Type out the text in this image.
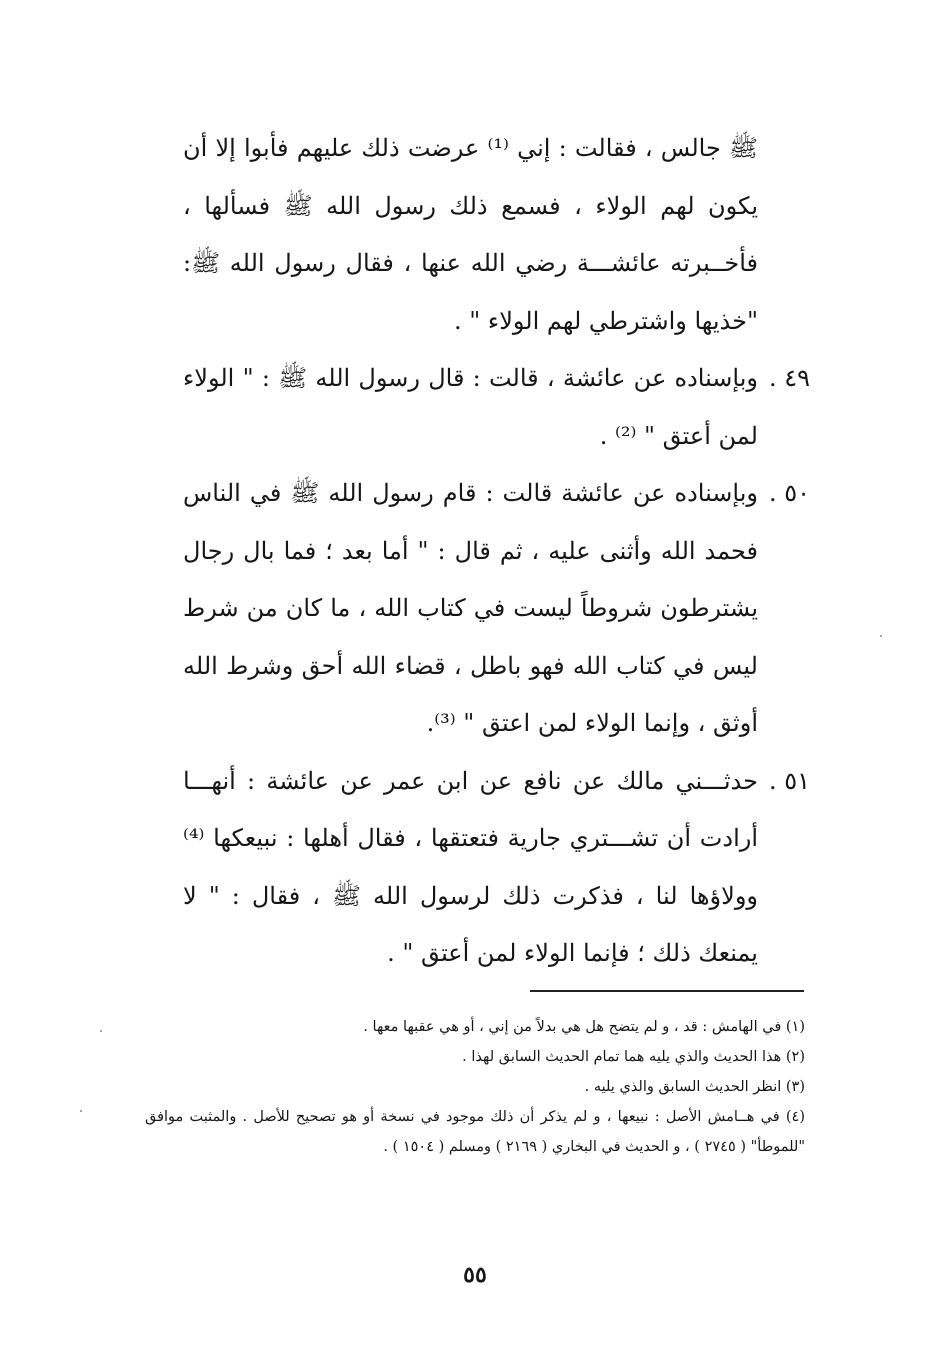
ﷺ جالس ، فقالت : إني ⁽¹⁾ عرضت ذلك عليهم فأبوا إلا أن يكون لهم الولاء ، فسمع ذلك رسول الله ﷺ فسألها ، فأخــبرته عائشـــة رضي الله عنها ، فقال رسول الله ﷺ: "خذيها واشترطي لهم الولاء " .

٤٩ .

وبإسناده عن عائشة ، قالت : قال رسول الله ﷺ : " الولاء لمن أعتق " ⁽²⁾ .

٥٠ .

وبإسناده عن عائشة قالت : قام رسول الله ﷺ في الناس فحمد الله وأثنى عليه ، ثم قال : " أما بعد ؛ فما بال رجال يشترطون شروطاً ليست في كتاب الله ، ما كان من شرط ليس في كتاب الله فهو باطل ، قضاء الله أحق وشرط الله أوثق ، وإنما الولاء لمن اعتق " ⁽³⁾.

٥١ .

حدثـــني مالك عن نافع عن ابن عمر عن عائشة : أنهـــا أرادت أن تشـــتري جارية فتعتقها ، فقال أهلها : نبيعكها ⁽⁴⁾ وولاؤها لنا ، فذكرت ذلك لرسول الله ﷺ ، فقال : " لا يمنعك ذلك ؛ فإنما الولاء لمن أعتق " .

(١) في الهامش : قد ، و لم يتضح هل هي بدلاً من إني ، أو هي عقبها معها .

(٢) هذا الحديث والذي يليه هما تمام الحديث السابق لهذا .

(٣) انظر الحديث السابق والذي يليه .

(٤) في هــامش الأصل : نبيعها ، و لم يذكر أن ذلك موجود في نسخة أو هو تصحيح للأصل . والمثبت موافق "للموطأ" ( ٢٧٤٥ ) ، و الحديث في البخاري ( ٢١٦٩ ) ومسلم ( ١٥٠٤ ) .

٥٥
